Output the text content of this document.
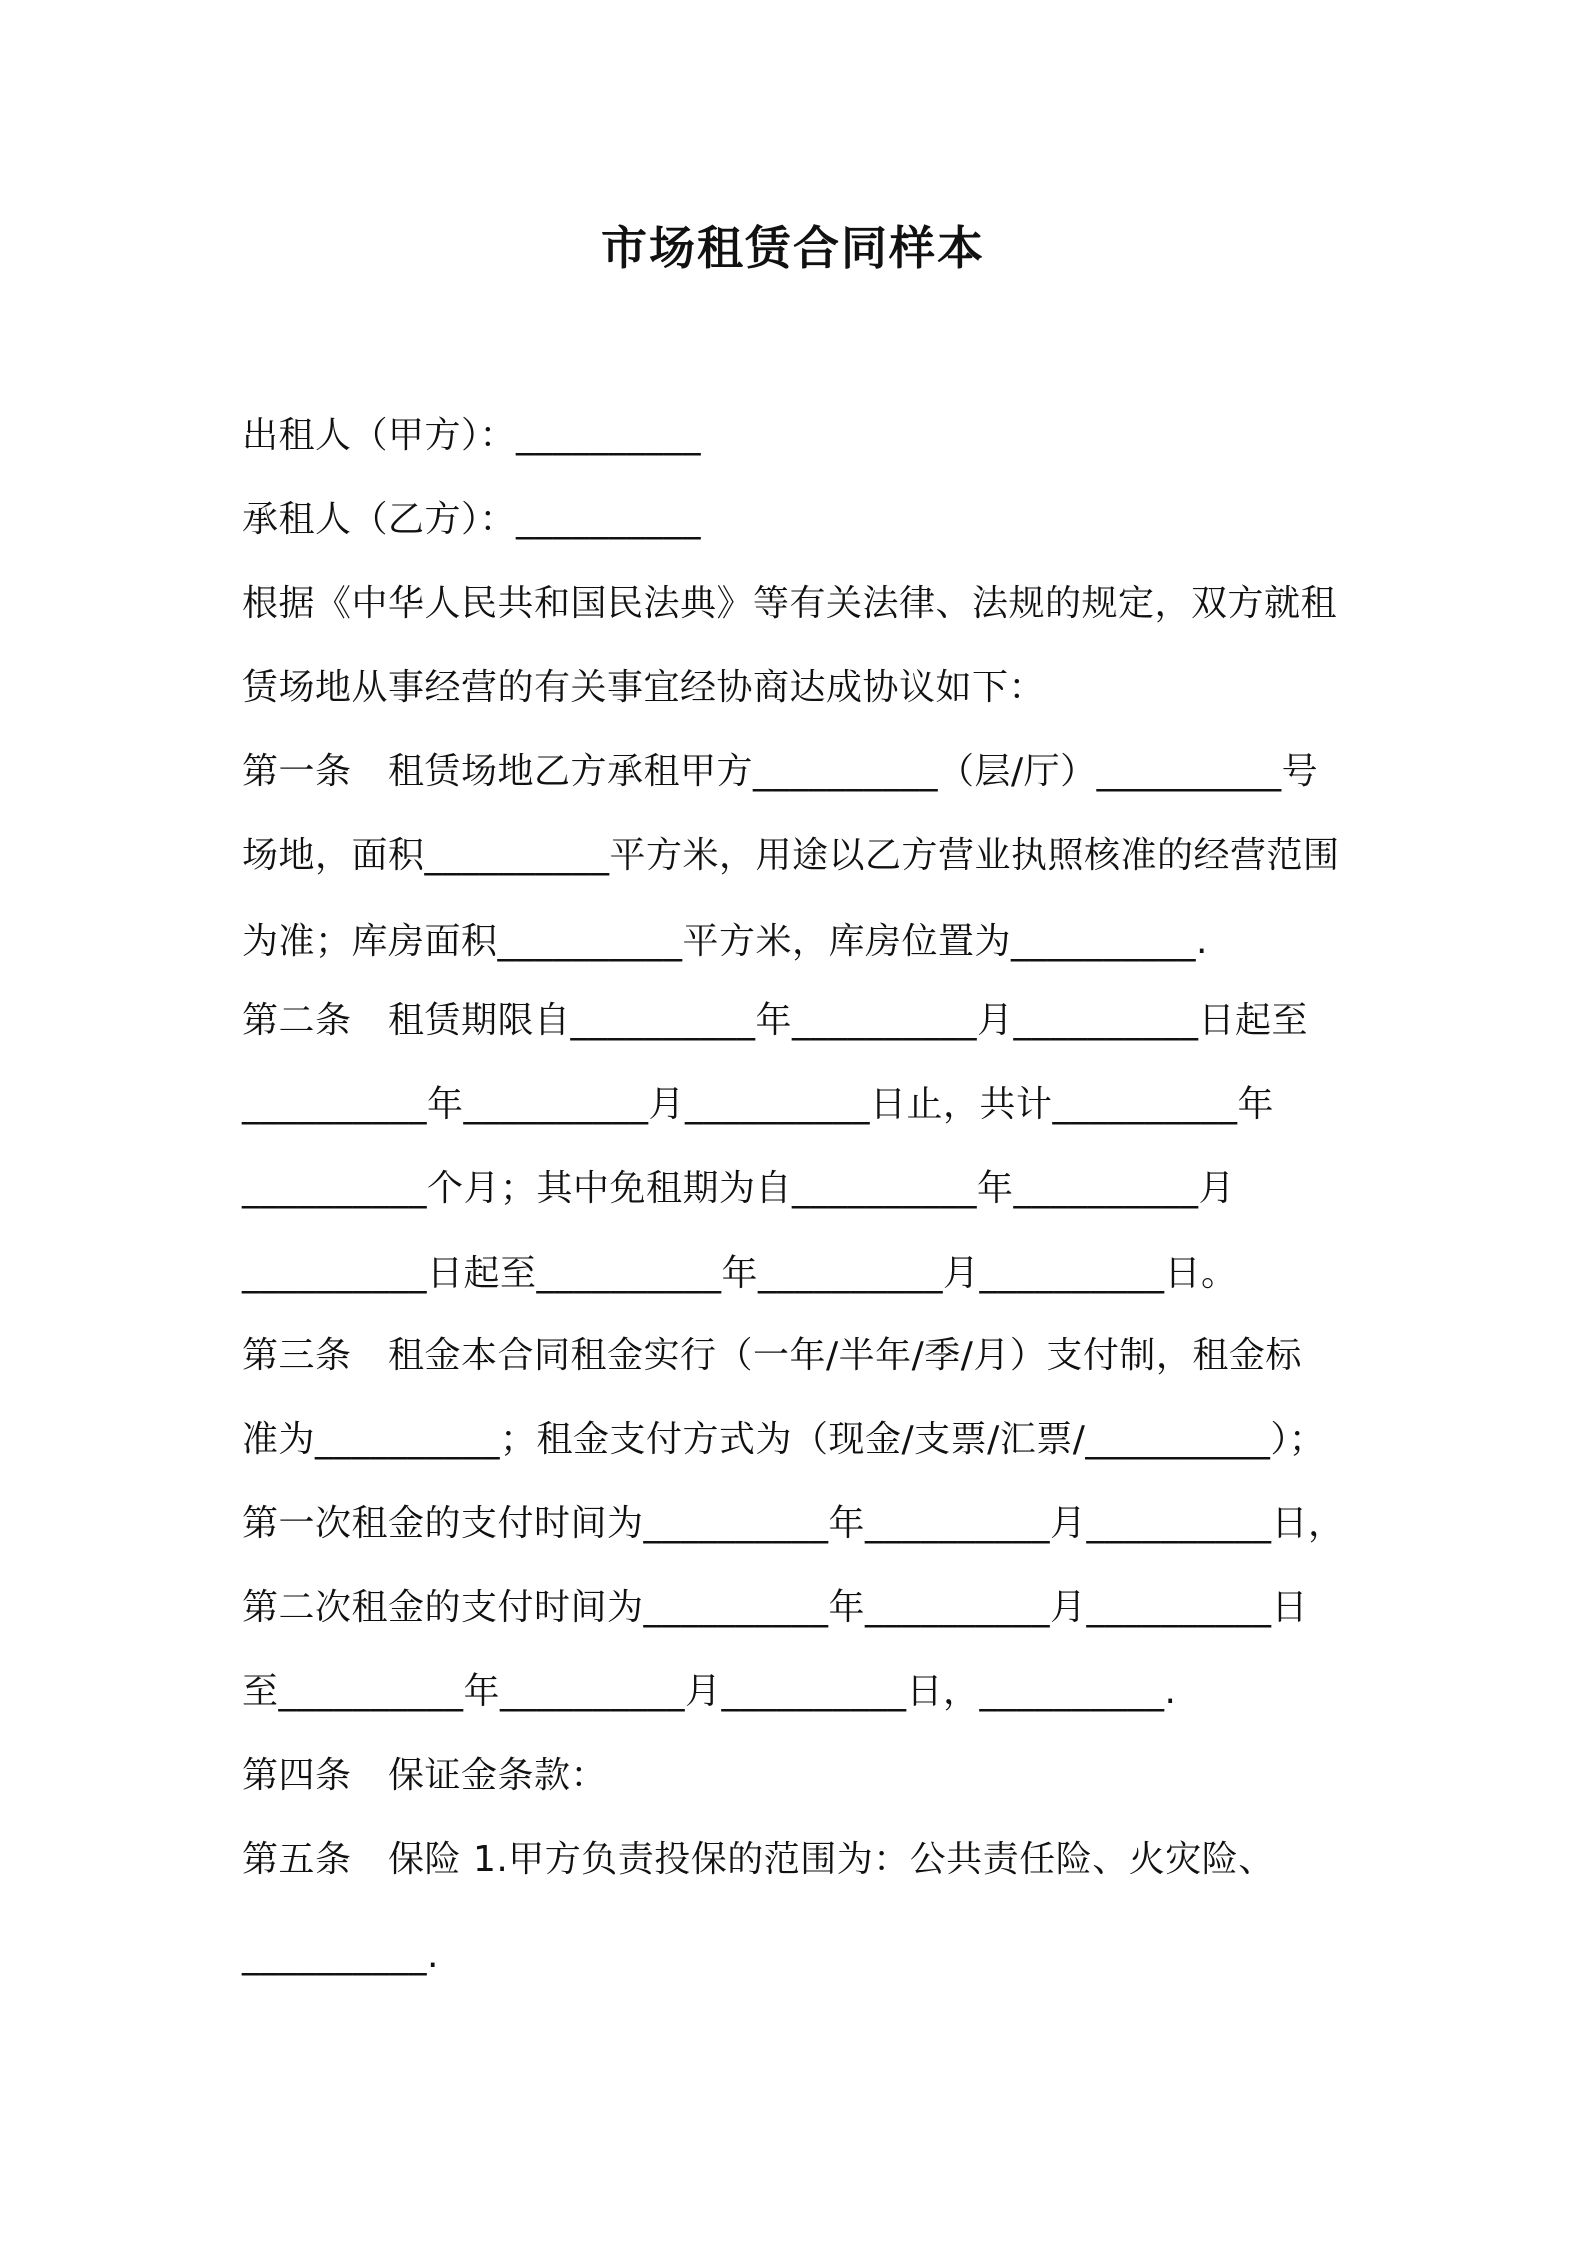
市场租赁合同样本
出租人（甲方）：__________
承租人（乙方）：__________
根据《中华人民共和国民法典》等有关法律、法规的规定，双方就租
赁场地从事经营的有关事宜经协商达成协议如下：
第一条　租赁场地乙方承租甲方__________（层/厅）__________号
场地，面积__________平方米，用途以乙方营业执照核准的经营范围
为准；库房面积__________平方米，库房位置为__________.
第二条　租赁期限自__________年__________月__________日起至
__________年__________月__________日止，共计__________年
__________个月；其中免租期为自__________年__________月
__________日起至__________年__________月__________日。
第三条　租金本合同租金实行（一年/半年/季/月）支付制，租金标
准为__________；租金支付方式为（现金/支票/汇票/__________）；
第一次租金的支付时间为__________年__________月__________日，
第二次租金的支付时间为__________年__________月__________日
至__________年__________月__________日，__________.
第四条　保证金条款：
第五条　保险 1.甲方负责投保的范围为：公共责任险、火灾险、
__________.
